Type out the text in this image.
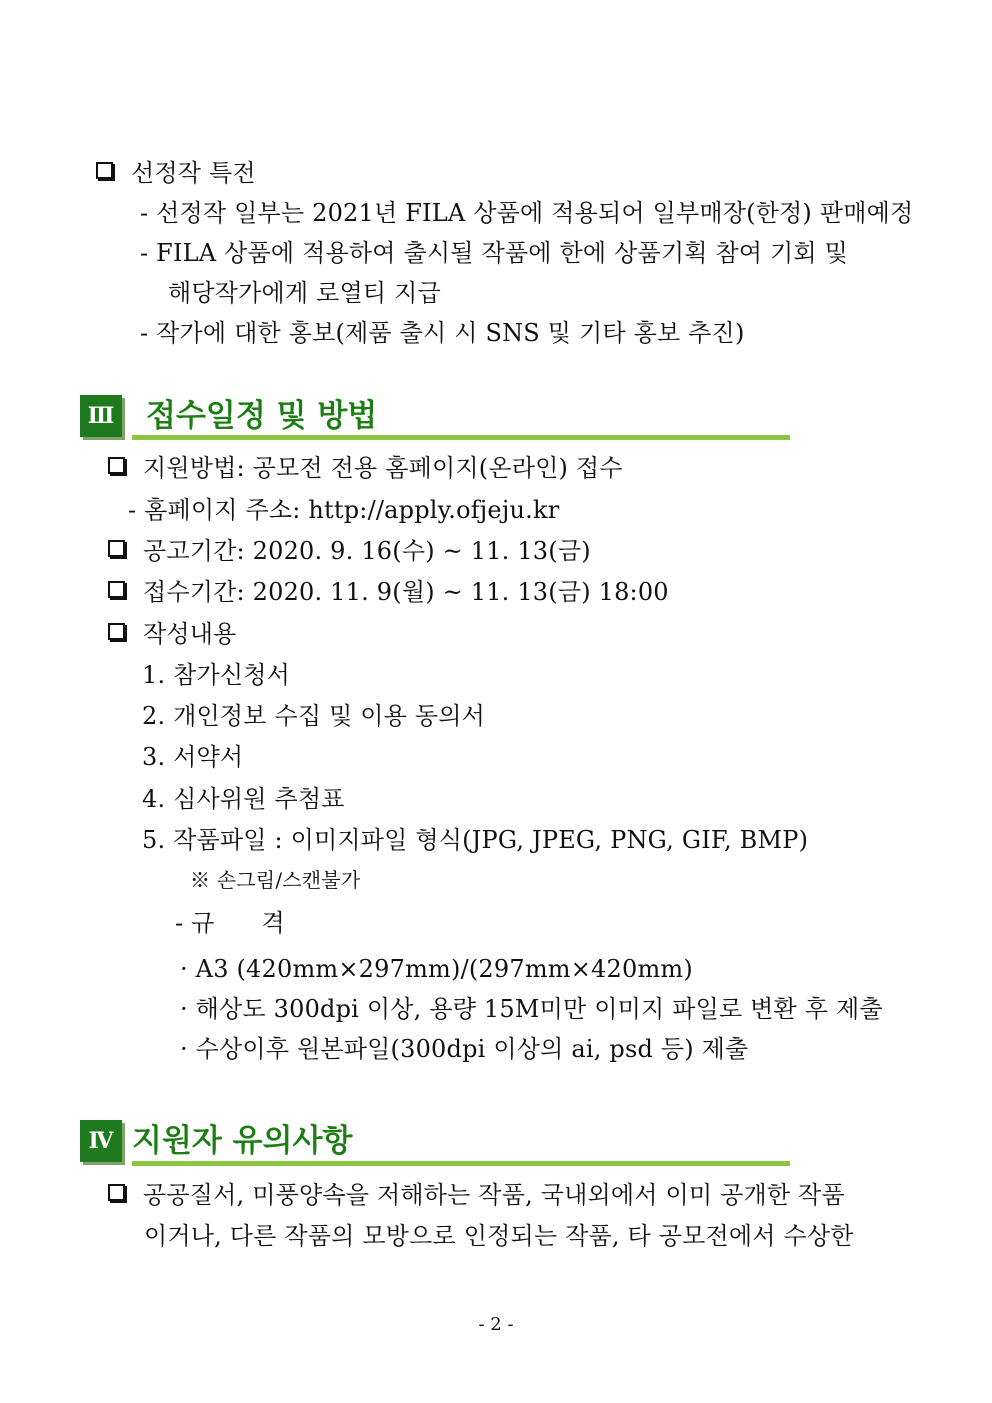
선정작 특전
- 선정작 일부는 2021년 FILA 상품에 적용되어 일부매장(한정) 판매예정
- FILA 상품에 적용하여 출시될 작품에 한에 상품기획 참여 기회 및
해당작가에게 로열티 지급
- 작가에 대한 홍보(제품 출시 시 SNS 및 기타 홍보 추진)
Ⅲ 접수일정 및 방법
지원방법: 공모전 전용 홈페이지(온라인) 접수
- 홈페이지 주소: http://apply.ofjeju.kr
공고기간: 2020. 9. 16(수) ~ 11. 13(금)
접수기간: 2020. 11. 9(월) ~ 11. 13(금) 18:00
작성내용
1. 참가신청서
2. 개인정보 수집 및 이용 동의서
3. 서약서
4. 심사위원 추첨표
5. 작품파일 : 이미지파일 형식(JPG, JPEG, PNG, GIF, BMP)
※ 손그림/스캔불가
- 규      격
· A3 (420mm×297mm)/(297mm×420mm)
· 해상도 300dpi 이상, 용량 15M미만 이미지 파일로 변환 후 제출
· 수상이후 원본파일(300dpi 이상의 ai, psd 등) 제출
Ⅳ 지원자 유의사항
공공질서, 미풍양속을 저해하는 작품, 국내외에서 이미 공개한 작품
이거나, 다른 작품의 모방으로 인정되는 작품, 타 공모전에서 수상한
- 2 -
